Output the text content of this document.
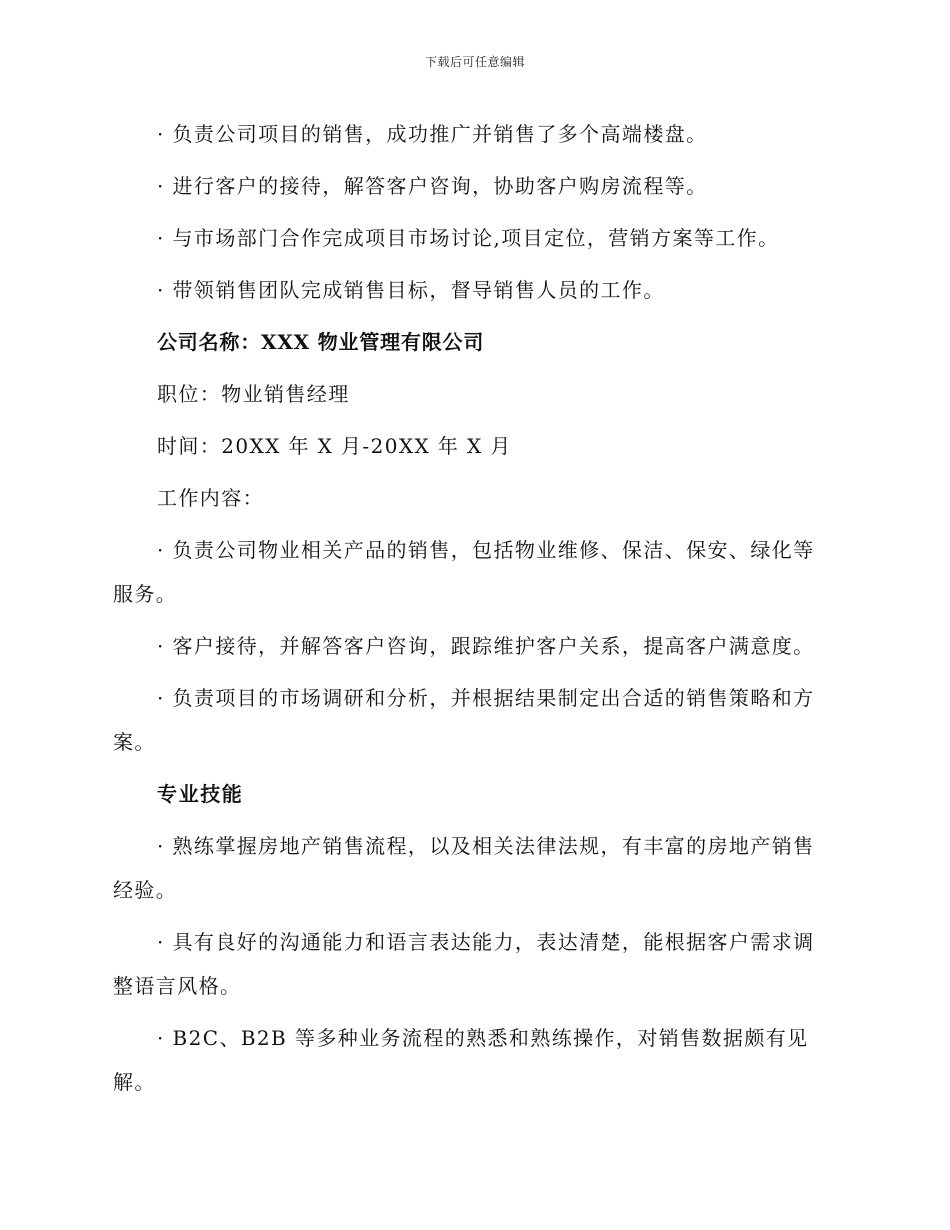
下载后可任意编辑

· 负责公司项目的销售，成功推广并销售了多个高端楼盘。

· 进行客户的接待，解答客户咨询，协助客户购房流程等。

· 与市场部门合作完成项目市场讨论,项目定位，营销方案等工作。

· 带领销售团队完成销售目标，督导销售人员的工作。

公司名称：XXX 物业管理有限公司

职位：物业销售经理

时间：20XX 年 X 月-20XX 年 X 月

工作内容：

· 负责公司物业相关产品的销售，包括物业维修、保洁、保安、绿化等服务。

· 客户接待，并解答客户咨询，跟踪维护客户关系，提高客户满意度。

· 负责项目的市场调研和分析，并根据结果制定出合适的销售策略和方案。

专业技能

· 熟练掌握房地产销售流程，以及相关法律法规，有丰富的房地产销售经验。

· 具有良好的沟通能力和语言表达能力，表达清楚，能根据客户需求调整语言风格。

· B2C、B2B 等多种业务流程的熟悉和熟练操作，对销售数据颇有见解。
